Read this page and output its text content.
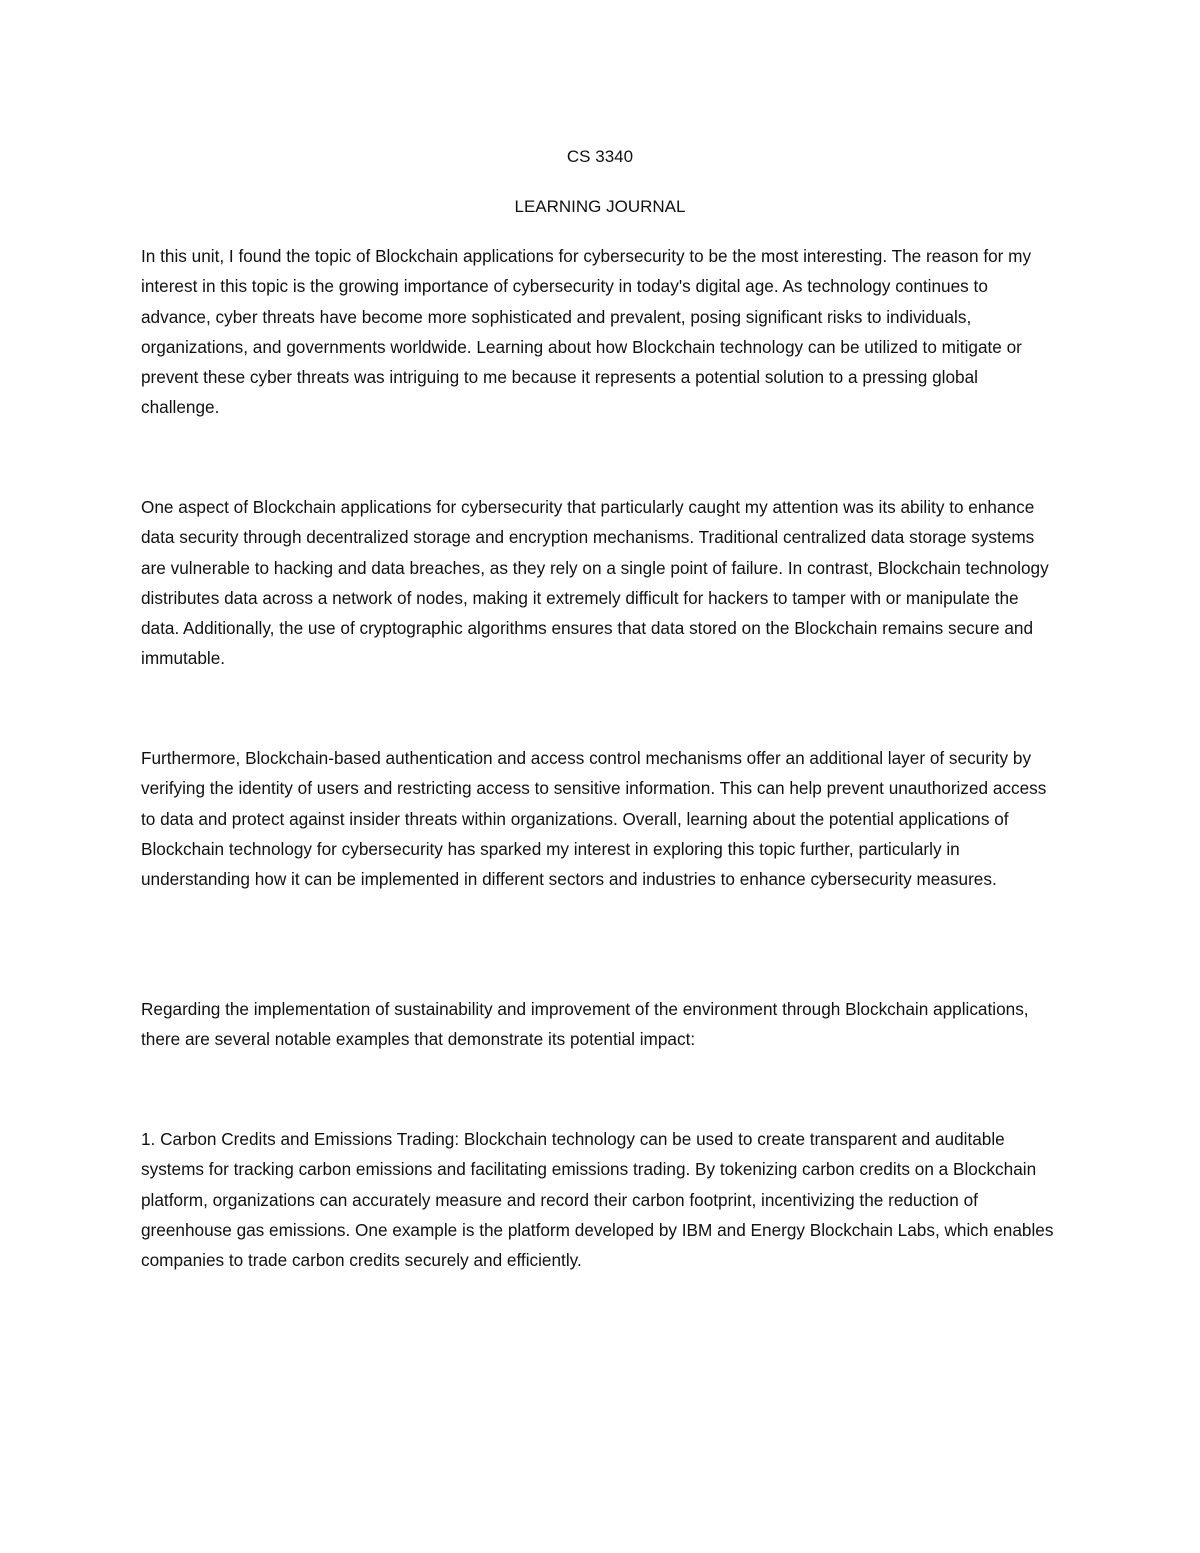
CS 3340
LEARNING JOURNAL

In this unit, I found the topic of Blockchain applications for cybersecurity to be the most interesting. The reason for my interest in this topic is the growing importance of cybersecurity in today's digital age. As technology continues to advance, cyber threats have become more sophisticated and prevalent, posing significant risks to individuals, organizations, and governments worldwide. Learning about how Blockchain technology can be utilized to mitigate or prevent these cyber threats was intriguing to me because it represents a potential solution to a pressing global challenge.

One aspect of Blockchain applications for cybersecurity that particularly caught my attention was its ability to enhance data security through decentralized storage and encryption mechanisms. Traditional centralized data storage systems are vulnerable to hacking and data breaches, as they rely on a single point of failure. In contrast, Blockchain technology distributes data across a network of nodes, making it extremely difficult for hackers to tamper with or manipulate the data. Additionally, the use of cryptographic algorithms ensures that data stored on the Blockchain remains secure and immutable.

Furthermore, Blockchain-based authentication and access control mechanisms offer an additional layer of security by verifying the identity of users and restricting access to sensitive information. This can help prevent unauthorized access to data and protect against insider threats within organizations. Overall, learning about the potential applications of Blockchain technology for cybersecurity has sparked my interest in exploring this topic further, particularly in understanding how it can be implemented in different sectors and industries to enhance cybersecurity measures.

Regarding the implementation of sustainability and improvement of the environment through Blockchain applications, there are several notable examples that demonstrate its potential impact:

1. Carbon Credits and Emissions Trading: Blockchain technology can be used to create transparent and auditable systems for tracking carbon emissions and facilitating emissions trading. By tokenizing carbon credits on a Blockchain platform, organizations can accurately measure and record their carbon footprint, incentivizing the reduction of greenhouse gas emissions. One example is the platform developed by IBM and Energy Blockchain Labs, which enables companies to trade carbon credits securely and efficiently.
